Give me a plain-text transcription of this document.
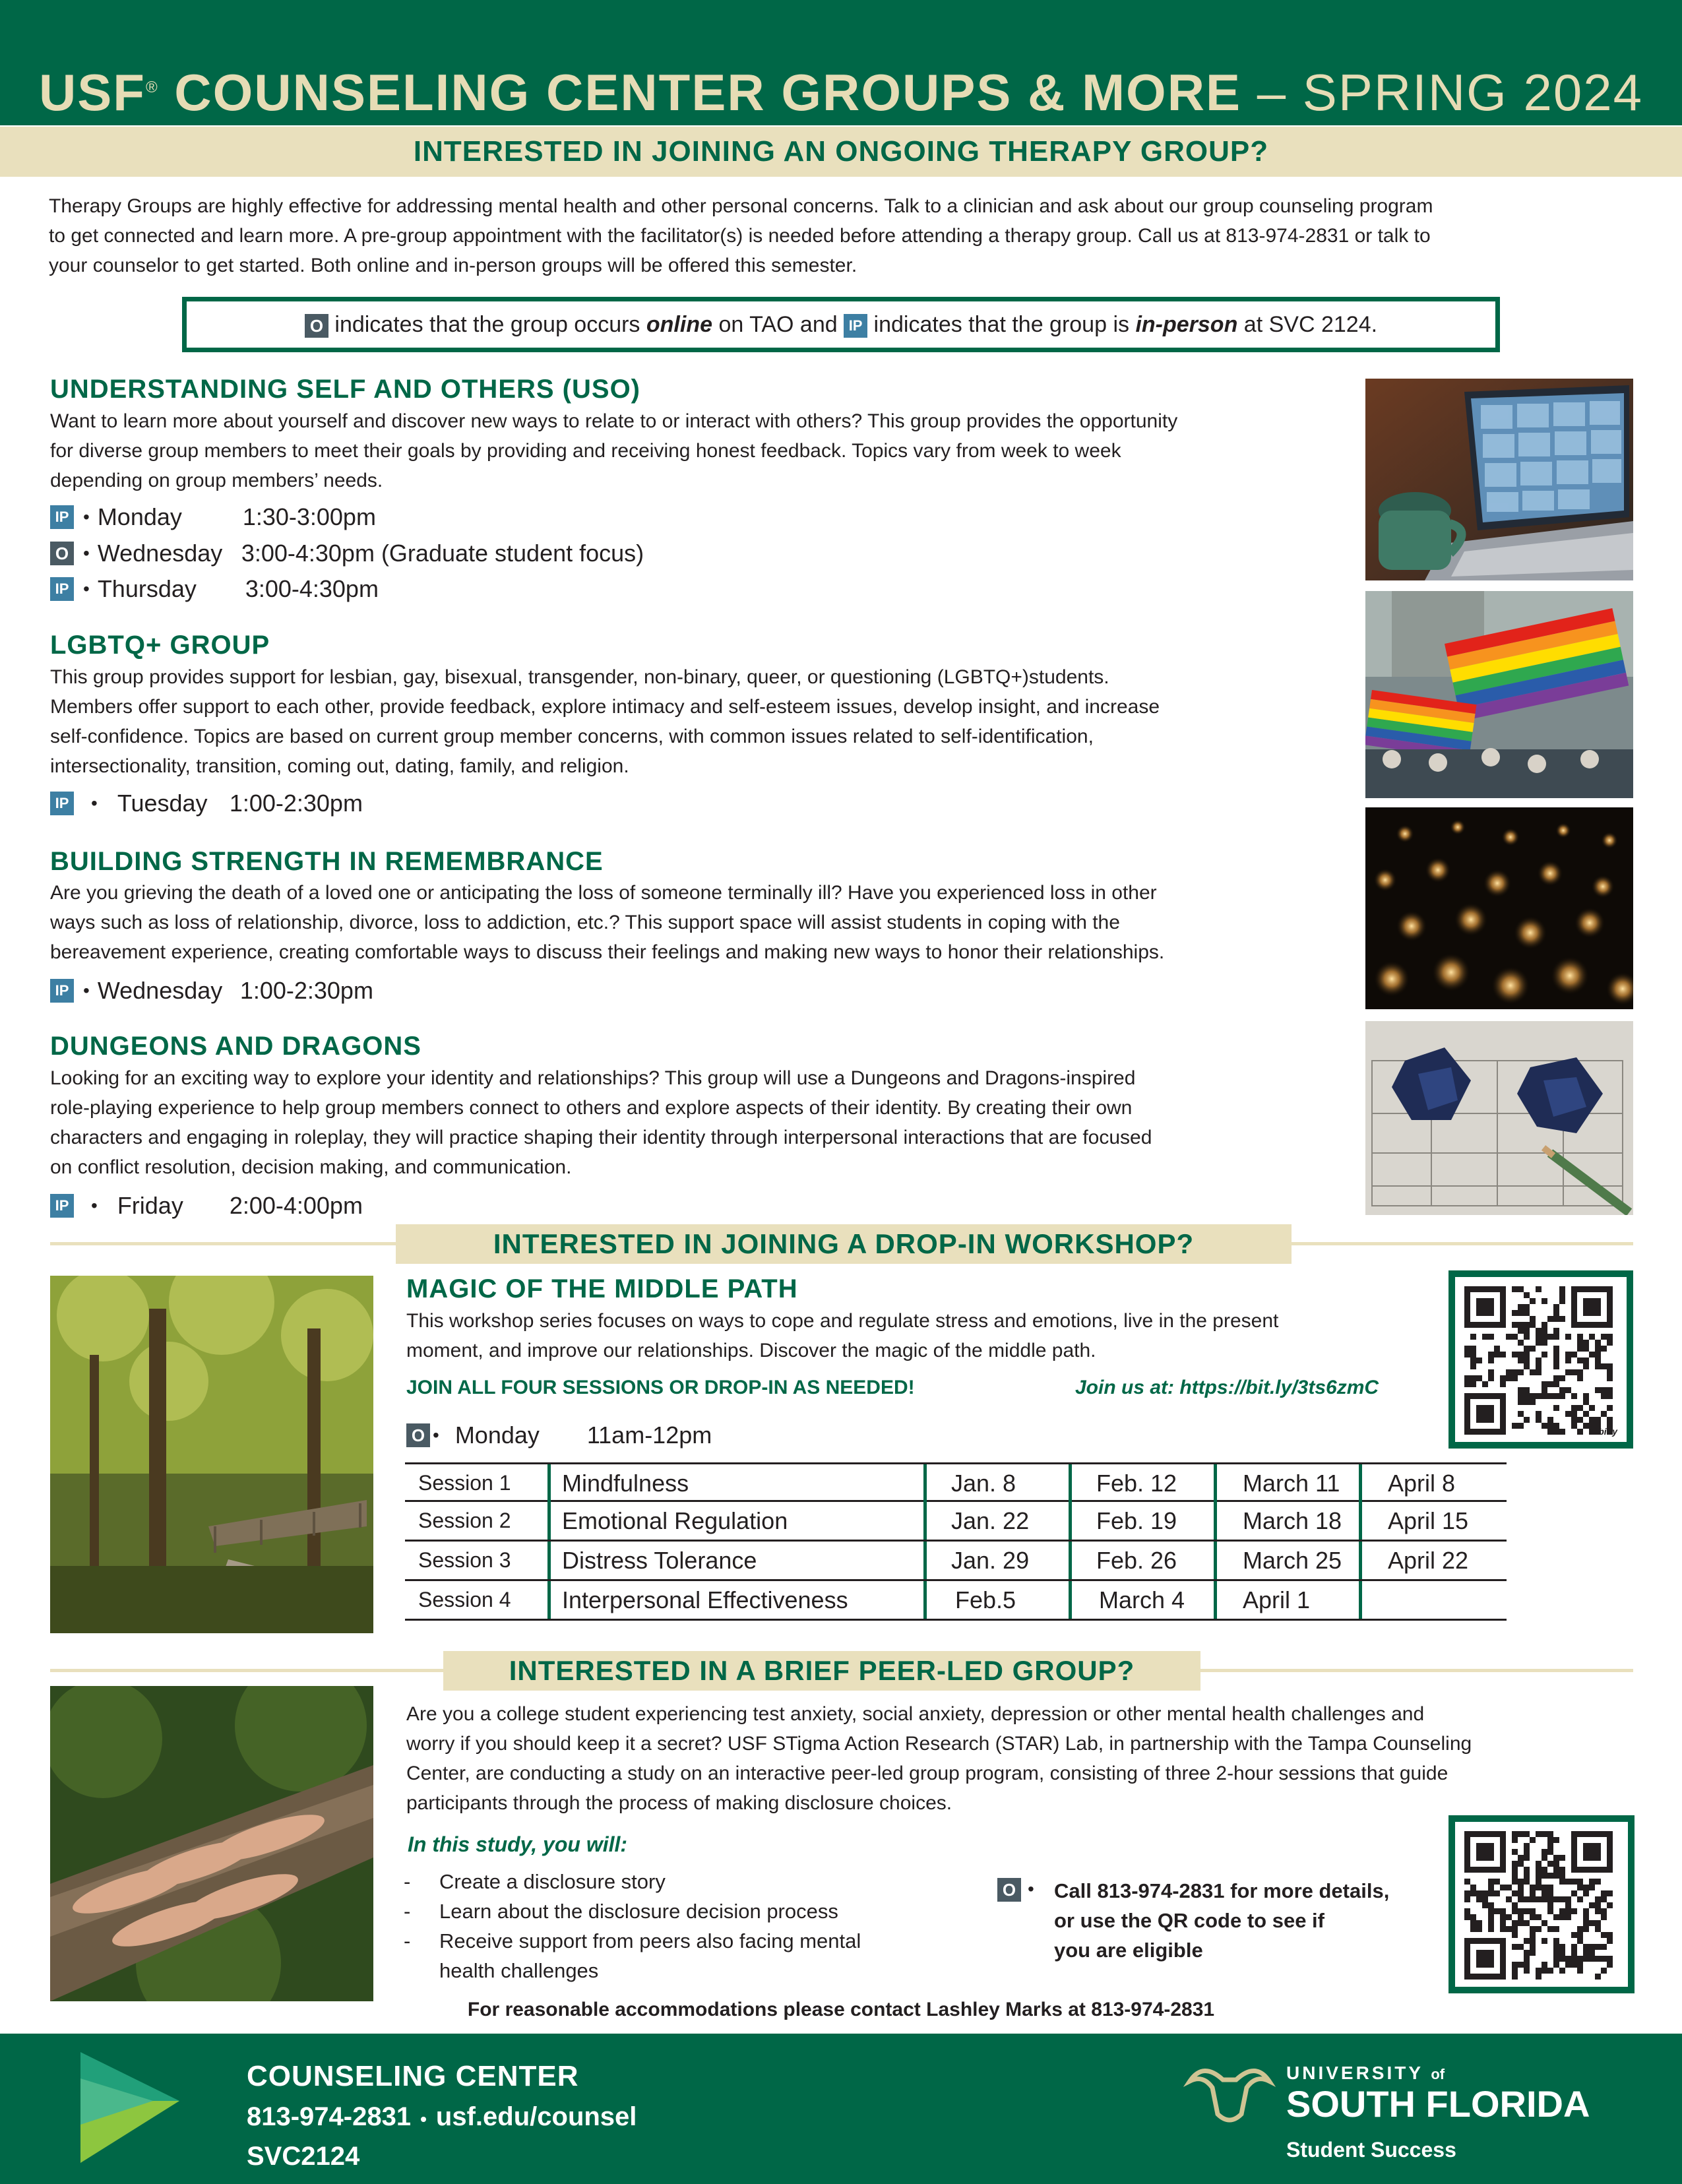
USF® COUNSELING CENTER GROUPS & MORE – SPRING 2024
INTERESTED IN JOINING AN ONGOING THERAPY GROUP?
Therapy Groups are highly effective for addressing mental health and other personal concerns. Talk to a clinician and ask about our group counseling program
to get connected and learn more. A pre-group appointment with the facilitator(s) is needed before attending a therapy group. Call us at 813-974-2831 or talk to
your counselor to get started. Both online and in-person groups will be offered this semester.
O indicates that the group occurs online on TAO and IP indicates that the group is in-person at SVC 2124.
UNDERSTANDING SELF AND OTHERS (USO)
Want to learn more about yourself and discover new ways to relate to or interact with others? This group provides the opportunity
for diverse group members to meet their goals by providing and receiving honest feedback. Topics vary from week to week
depending on group members’ needs.
IP • Monday	1:30-3:00pm
O • Wednesday 3:00-4:30pm (Graduate student focus)
IP • Thursday 3:00-4:30pm
LGBTQ+ GROUP
This group provides support for lesbian, gay, bisexual, transgender, non-binary, queer, or questioning (LGBTQ+)students.
Members offer support to each other, provide feedback, explore intimacy and self-esteem issues, develop insight, and increase
self-confidence. Topics are based on current group member concerns, with common issues related to self-identification,
intersectionality, transition, coming out, dating, family, and religion.
IP • Tuesday 1:00-2:30pm
BUILDING STRENGTH IN REMEMBRANCE
Are you grieving the death of a loved one or anticipating the loss of someone terminally ill? Have you experienced loss in other
ways such as loss of relationship, divorce, loss to addiction, etc.? This support space will assist students in coping with the
bereavement experience, creating comfortable ways to discuss their feelings and making new ways to honor their relationships.
IP • Wednesday 1:00-2:30pm
DUNGEONS AND DRAGONS
Looking for an exciting way to explore your identity and relationships? This group will use a Dungeons and Dragons-inspired
role-playing experience to help group members connect to others and explore aspects of their identity. By creating their own
characters and engaging in roleplay, they will practice shaping their identity through interpersonal interactions that are focused
on conflict resolution, decision making, and communication.
IP • Friday 2:00-4:00pm
INTERESTED IN JOINING A DROP-IN WORKSHOP?
MAGIC OF THE MIDDLE PATH
This workshop series focuses on ways to cope and regulate stress and emotions, live in the present
moment, and improve our relationships. Discover the magic of the middle path.
JOIN ALL FOUR SESSIONS OR DROP-IN AS NEEDED!	Join us at: https://bit.ly/3ts6zmC
O • Monday 11am-12pm	bitly
Session 1 Mindfulness	Jan. 8	Feb. 12	March 11 April 8
Session 2 Emotional Regulation	Jan. 22	Feb. 19	March 18 April 15
Session 3 Distress Tolerance	Jan. 29	Feb. 26	March 25 April 22
Session 4 Interpersonal Effectiveness	Feb.5	March 4 April 1
INTERESTED IN A BRIEF PEER-LED GROUP?
Are you a college student experiencing test anxiety, social anxiety, depression or other mental health challenges and
worry if you should keep it a secret? USF STigma Action Research (STAR) Lab, in partnership with the Tampa Counseling
Center, are conducting a study on an interactive peer-led group program, consisting of three 2-hour sessions that guide
participants through the process of making disclosure choices.
In this study, you will:
- Create a disclosure story
- Learn about the disclosure decision process
- Receive support from peers also facing mental
health challenges
O • Call 813-974-2831 for more details,
or use the QR code to see if
you are eligible
For reasonable accommodations please contact Lashley Marks at 813-974-2831
COUNSELING CENTER
813-974-2831 • usf.edu/counsel
SVC2124
UNIVERSITY of
SOUTH FLORIDA
Student Success
